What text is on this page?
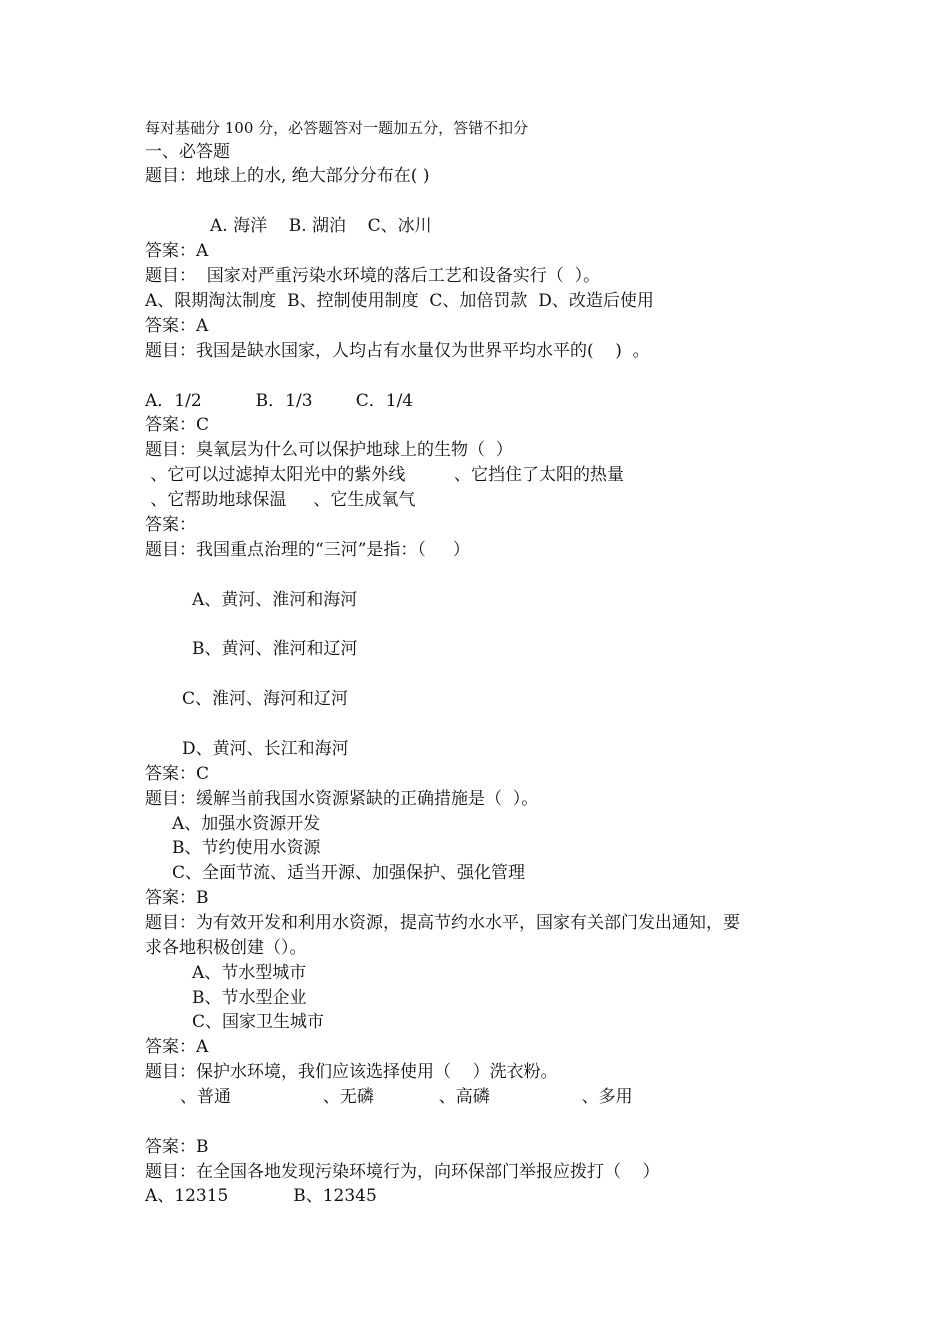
每对基础分 100 分，必答题答对一题加五分，答错不扣分
一、必答题
题目：地球上的水, 绝大部分分布在( )
A. 海洋    B. 湖泊    C、冰川
答案：A
题目：  国家对严重污染水环境的落后工艺和设备实行（  ）。
A、限期淘汰制度  B、控制使用制度  C、加倍罚款  D、改造后使用
答案：A
题目：我国是缺水国家，人均占有水量仅为世界平均水平的(    )  。
A．1/2          B．1/3        C．1/4
答案：C
题目：臭氧层为什么可以保护地球上的生物（  ）
、它可以过滤掉太阳光中的紫外线         、它挡住了太阳的热量
、它帮助地球保温     、它生成氧气
答案：
题目：我国重点治理的“三河”是指：（     ）
A、黄河、淮河和海河
B、黄河、淮河和辽河
C、淮河、海河和辽河
D、黄河、长江和海河
答案：C
题目：缓解当前我国水资源紧缺的正确措施是（  ）。
A、加强水资源开发
B、节约使用水资源
C、全面节流、适当开源、加强保护、强化管理
答案：B
题目：为有效开发和利用水资源，提高节约水水平，国家有关部门发出通知，要
求各地积极创建（）。
A、节水型城市
B、节水型企业
C、国家卫生城市
答案：A
题目：保护水环境，我们应该选择使用（    ）洗衣粉。
、普通                 、无磷            、高磷                 、多用
答案：B
题目：在全国各地发现污染环境行为，向环保部门举报应拨打（    ）
A、12315            B、12345
